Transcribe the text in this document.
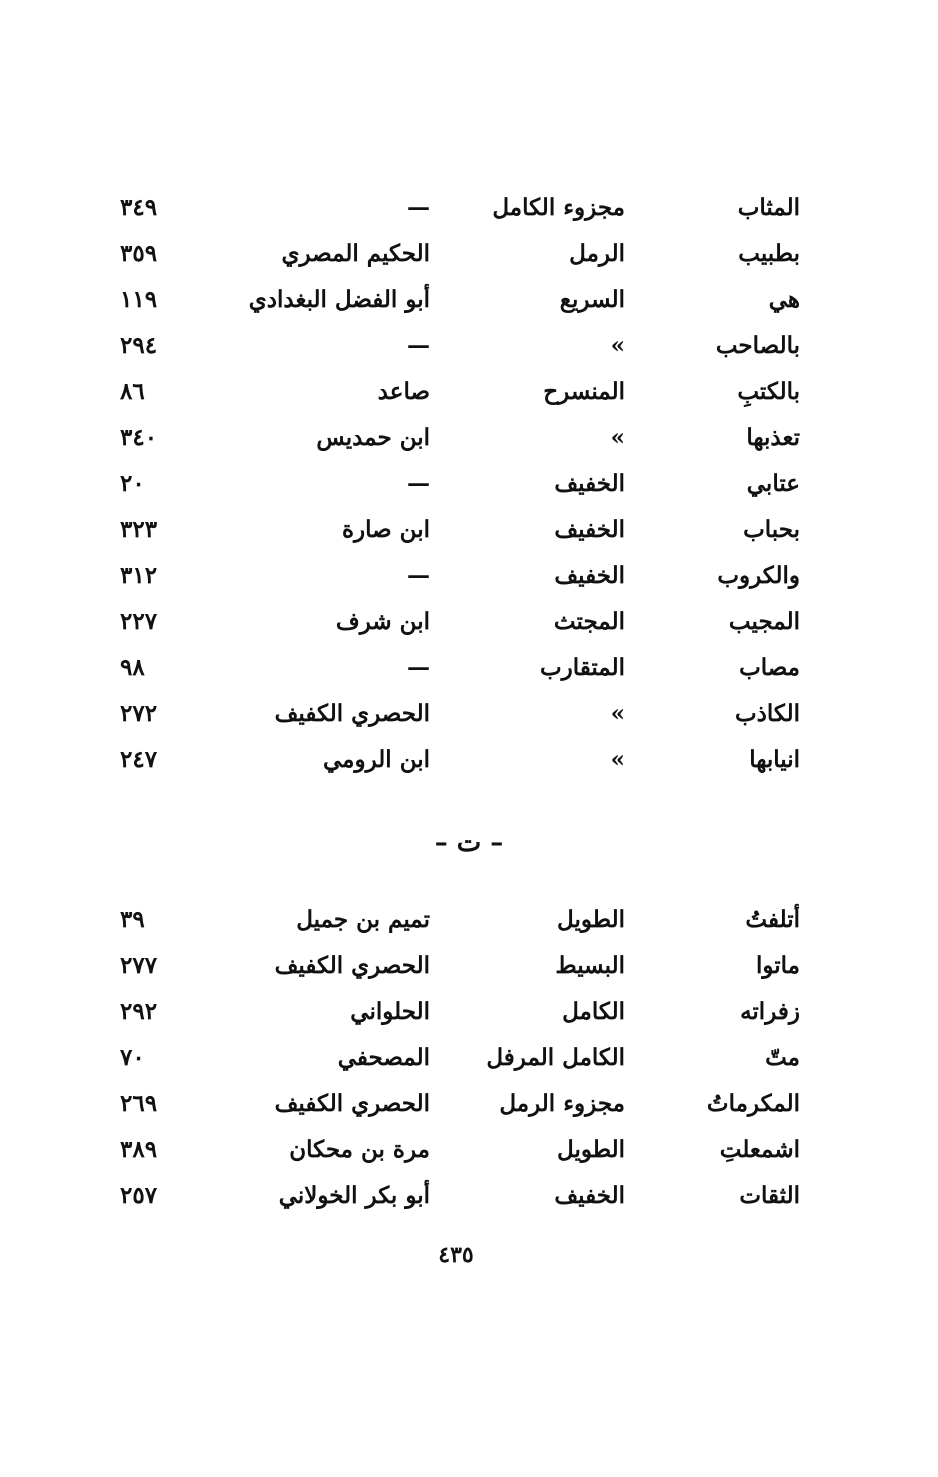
المثاب
مجزوء الكامل
—
٣٤٩
بطبيب
الرمل
الحكيم المصري
٣٥٩
هي
السريع
أبو الفضل البغدادي
١١٩
بالصاحب
»
—
٢٩٤
بالكتبِ
المنسرح
صاعد
٨٦
تعذبها
»
ابن حمديس
٣٤٠
عتابي
الخفيف
—
٢٠
بحباب
الخفيف
ابن صارة
٣٢٣
والكروب
الخفيف
—
٣١٢
المجيب
المجتث
ابن شرف
٢٢٧
مصاب
المتقارب
—
٩٨
الكاذب
»
الحصري الكفيف
٢٧٢
انيابها
»
ابن الرومي
٢٤٧
– ت –
أتلفتُ
الطويل
تميم بن جميل
٣٩
ماتوا
البسيط
الحصري الكفيف
٢٧٧
زفراته
الكامل
الحلواني
٢٩٢
متّ
الكامل المرفل
المصحفي
٧٠
المكرماتُ
مجزوء الرمل
الحصري الكفيف
٢٦٩
اشمعلتِ
الطويل
مرة بن محكان
٣٨٩
الثقات
الخفيف
أبو بكر الخولاني
٢٥٧
٤٣٥
